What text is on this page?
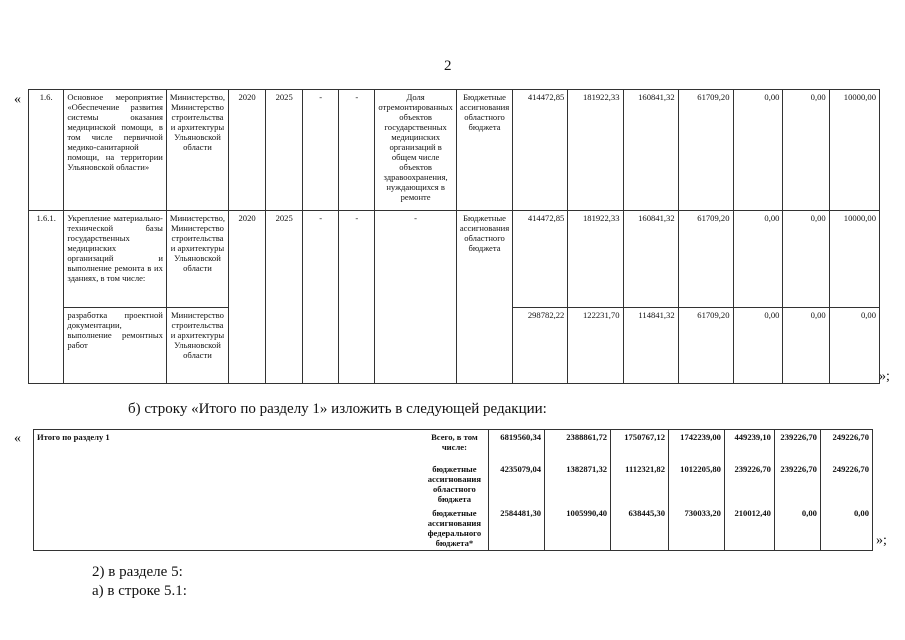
2
« 1.6.	Основное мероприятие «Обеспечение развития системы оказания медицинской помощи, в том числе первичной медико-санитарной помощи, на территории Ульяновской области»	Министерство, Министерство строительства и архитектуры Ульяновской области	2020	2025	-	-	Доля отремонтированных объектов государственных медицинских организаций в общем числе объектов здравоохранения, нуждающихся в ремонте	Бюджетные ассигнования областного бюджета	414472,85	181922,33	160841,32	61709,20	0,00	0,00	10000,00
1.6.1.	Укрепление материально-технической базы государственных медицинских организаций и выполнение ремонта в их зданиях, в том числе:	Министерство, Министерство строительства и архитектуры Ульяновской области	2020	2025	-	-	-	Бюджетные ассигнования областного бюджета	414472,85	181922,33	160841,32	61709,20	0,00	0,00	10000,00
	разработка проектной документации, выполнение ремонтных работ	Министерство строительства и архитектуры Ульяновской области							298782,22	122231,70	114841,32	61709,20	0,00	0,00	0,00
»;
б) строку «Итого по разделу 1» изложить в следующей редакции:
« Итого по разделу 1	Всего, в том числе:	6819560,34	2388861,72	1750767,12	1742239,00	449239,10	239226,70	249226,70
	бюджетные ассигнования областного бюджета	4235079,04	1382871,32	1112321,82	1012205,80	239226,70	239226,70	249226,70
	бюджетные ассигнования федерального бюджета*	2584481,30	1005990,40	638445,30	730033,20	210012,40	0,00	0,00
»;
2) в разделе 5:
а) в строке 5.1:
